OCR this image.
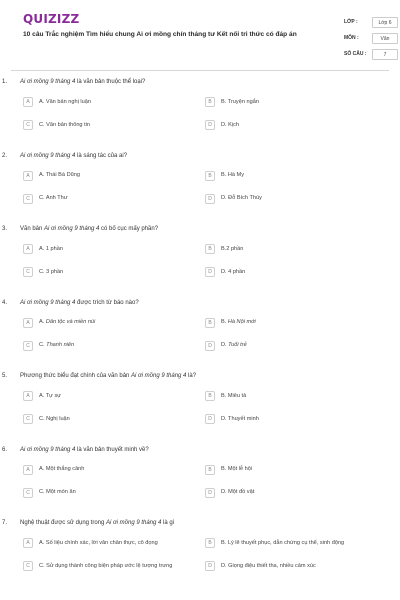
QUIZIZZ
10 câu Trắc nghiệm Tìm hiểu chung Ai ơi mồng chín tháng tư Kết nối tri thức có đáp án
LỚP :	Lớp 6
MÔN :	Văn
SỐ CÂU :	7
1.	Ai ơi mồng 9 tháng 4 là văn bản thuộc thể loại?
A	A. Văn bản nghị luận	B	B. Truyện ngắn
C	C. Văn bản thông tin	D	D. Kịch
2.	Ai ơi mồng 9 tháng 4 là sáng tác của ai?
A	A. Thái Bá Dũng	B	B. Hà My
C	C. Anh Thư	D	D. Đỗ Bích Thúy
3.	Văn bản Ai ơi mồng 9 tháng 4 có bố cục mấy phần?
A	A. 1 phần	B	B.2 phần
C	C. 3 phần	D	D. 4 phần
4.	Ai ơi mồng 9 tháng 4 được trích từ báo nào?
A	A. Dân tộc và miền núi	B	B. Hà Nội mới
C	C. Thanh niên	D	D. Tuổi trẻ
5.	Phương thức biểu đạt chính của văn bản Ai ơi mồng 9 tháng 4 là?
A	A. Tự sự	B	B. Miêu tả
C	C. Nghị luận	D	D. Thuyết minh
6.	Ai ơi mồng 9 tháng 4 là văn bản thuyết minh về?
A	A. Một thắng cảnh	B	B. Một lễ hội
C	C. Một món ăn	D	D. Một đồ vật
7.	Nghệ thuật được sử dụng trong Ai ơi mồng 9 tháng 4 là gì
A	A. Số liệu chính xác, lời văn chân thực, cô đọng	B	B. Lý lẽ thuyết phục, dẫn chứng cụ thể, sinh động
C	C. Sử dụng thành công biện pháp ước lệ tượng trưng	D	D. Giọng điệu thiết tha, nhiều cảm xúc
